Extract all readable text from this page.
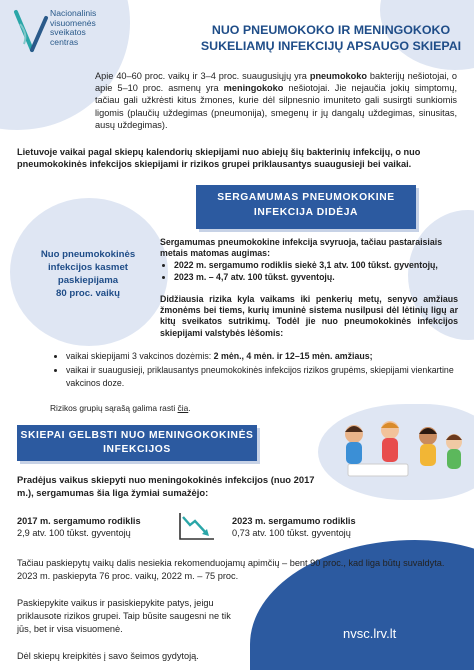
Nacionalinis
visuomenės
sveikatos
centras
NUO PNEUMOKOKO IR MENINGOKOKO
SUKELIAMŲ INFEKCIJŲ APSAUGO SKIEPAI

Apie 40–60 proc. vaikų ir 3–4 proc. suaugusiųjų yra pneumokoko bakterijų nešiotojai, o apie 5–10 proc. asmenų yra meningokoko nešiotojai. Jie nejaučia jokių simptomų, tačiau gali užkrėsti kitus žmones, kurie dėl silpnesnio imuniteto gali susirgti sunkiomis ligomis (plaučių uždegimas (pneumonija), smegenų ir jų dangalų uždegimas, sinusitas, ausų uždegimas).

Lietuvoje vaikai pagal skiepų kalendorių skiepijami nuo abiejų šių bakterinių infekcijų, o nuo pneumokokinės infekcijos skiepijami ir rizikos grupei priklausantys suaugusieji bei vaikai.

SERGAMUMAS PNEUMOKOKINE
INFEKCIJA DIDĖJA
Nuo pneumokokinės
infekcijos kasmet
paskiepijama
80 proc. vaikų

Sergamumas pneumokokine infekcija svyruoja, tačiau pastaraisiais metais matomas augimas:

• 2022 m. sergamumo rodiklis siekė 3,1 atv. 100 tūkst. gyventojų,
• 2023 m. – 4,7 atv. 100 tūkst. gyventojų.

Didžiausia rizika kyla vaikams iki penkerių metų, senyvo amžiaus žmonėms bei tiems, kurių imuninė sistema nusilpusi dėl lėtinių ligų ar kitų sveikatos sutrikimų. Todėl jie nuo pneumokokinės infekcijos skiepijami valstybės lėšomis:

• vaikai skiepijami 3 vakcinos dozėmis: 2 mėn., 4 mėn. ir 12–15 mėn. amžiaus;
• vaikai ir suaugusieji, priklausantys pneumokokinės infekcijos rizikos grupėms, skiepijami vienkartine vakcinos doze.
Rizikos grupių sąrašą galima rasti čia.
SKIEPAI GELBSTI NUO MENINGOKOKINĖS
INFEKCIJOS

Pradėjus vaikus skiepyti nuo meningokokinės infekcijos (nuo 2017 m.), sergamumas šia liga žymiai sumažėjo:

2017 m. sergamumo rodiklis
2,9 atv. 100 tūkst. gyventojų
2023 m. sergamumo rodiklis
0,73 atv. 100 tūkst. gyventojų

Tačiau paskiepytų vaikų dalis nesiekia rekomenduojamų apimčių – bent 90 proc., kad liga būtų suvaldyta. 2023 m. paskiepyta 76 proc. vaikų, 2022 m. – 75 proc.

Paskiepykite vaikus ir pasiskiepykite patys, jeigu priklausote rizikos grupei. Taip būsite saugesni ne tik jūs, bet ir visa visuomenė.	nvsc.lrv.lt

Dėl skiepų kreipkitės į savo šeimos gydytoją.
